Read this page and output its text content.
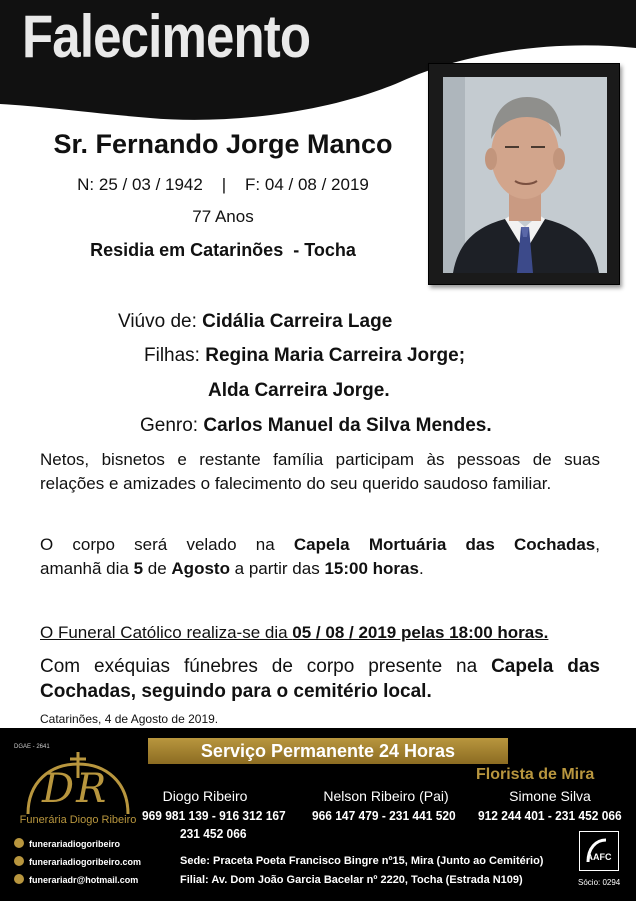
Falecimento
Sr. Fernando Jorge Manco
N: 25 / 03 / 1942    |    F: 04 / 08 / 2019
77 Anos
Residia em Catarinões  - Tocha
Viúvo de: Cidália Carreira Lage
Filhas: Regina Maria Carreira Jorge;
Alda Carreira Jorge.
Genro: Carlos Manuel da Silva Mendes.
Netos, bisnetos e restante família participam às pessoas de suas
relações e amizades o falecimento do seu querido saudoso familiar.
O corpo será velado na Capela Mortuária das Cochadas,
amanhã dia 5 de Agosto a partir das 15:00 horas.
O Funeral Católico realiza-se dia 05 / 08 / 2019 pelas 18:00 horas.
Com exéquias fúnebres de corpo presente na Capela das
Cochadas, seguindo para o cemitério local.
Catarinões, 4 de Agosto de 2019.
DGAE - 2641	Serviço Permanente 24 Horas
DR
Funerária Diogo Ribeiro
Diogo Ribeiro
969 981 139 - 916 312 167
231 452 066
Nelson Ribeiro (Pai)
966 147 479 - 231 441 520
Florista de Mira
Simone Silva
912 244 401 - 231 452 066
funerariadiogoribeiro
funerariadiogoribeiro.com
funerariadr@hotmail.com
Sede: Praceta Poeta Francisco Bingre nº15, Mira (Junto ao Cemitério)
Filial: Av. Dom João Garcia Bacelar nº 2220, Tocha (Estrada N109)
AAFC
Sócio: 0294
